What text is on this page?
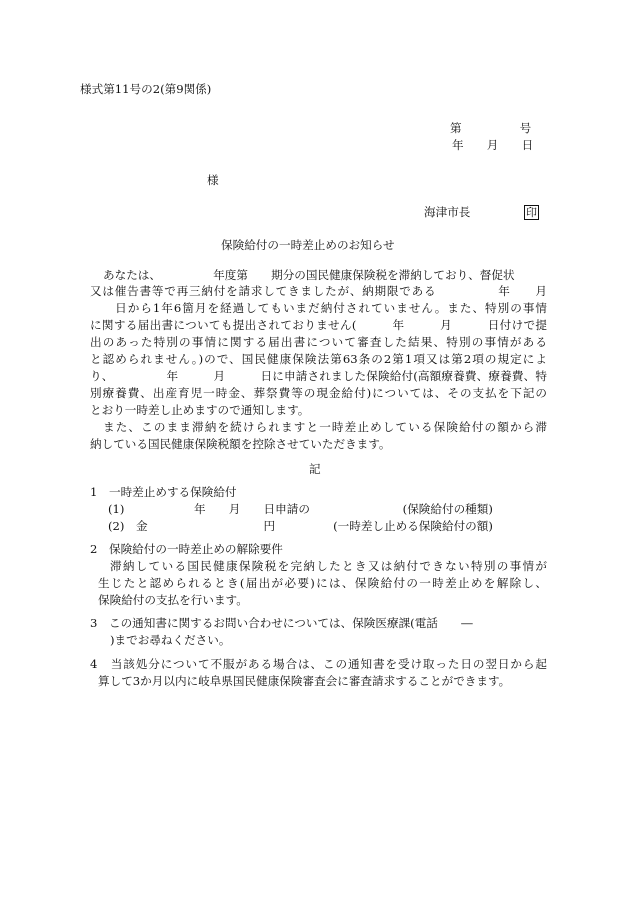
様式第11号の2(第9関係)

第　　　　　号

年　　月　　日

様

海津市長	印

保険給付の一時差止めのお知らせ

あなたは、　　　　　年度第　　期分の国民健康保険税を滞納しており、督促状

又は催告書等で再三納付を請求してきましたが、納期限である　　　　　年　　月

　　日から1年6箇月を経過してもいまだ納付されていません。また、特別の事情

に関する届出書についても提出されておりません(　　　年　　　月　　　日付けで提

出のあった特別の事情に関する届出書について審査した結果、特別の事情がある

と認められません。)ので、国民健康保険法第63条の2第1項又は第2項の規定によ

り、　　　　　年　　　月　　　日に申請されました保険給付(高額療養費、療養費、特

別療養費、出産育児一時金、葬祭費等の現金給付)については、その支払を下記の

とおり一時差し止めますので通知します。

また、このまま滞納を続けられますと一時差止めしている保険給付の額から滞

納している国民健康保険税額を控除させていただきます。

記

1　一時差止めする保険給付

(1)　　　　　　年　　月　　日申請の　　　　　　　　(保険給付の種類)

(2)　金　　　　　　　　　　円　　　　　(一時差し止める保険給付の額)

2　保険給付の一時差止めの解除要件

滞納している国民健康保険税を完納したとき又は納付できない特別の事情が

生じたと認められるとき(届出が必要)には、保険給付の一時差止めを解除し、

保険給付の支払を行います。

3　この通知書に関するお問い合わせについては、保険医療課(電話　　―

)までお尋ねください。

4　当該処分について不服がある場合は、この通知書を受け取った日の翌日から起

算して3か月以内に岐阜県国民健康保険審査会に審査請求することができます。
